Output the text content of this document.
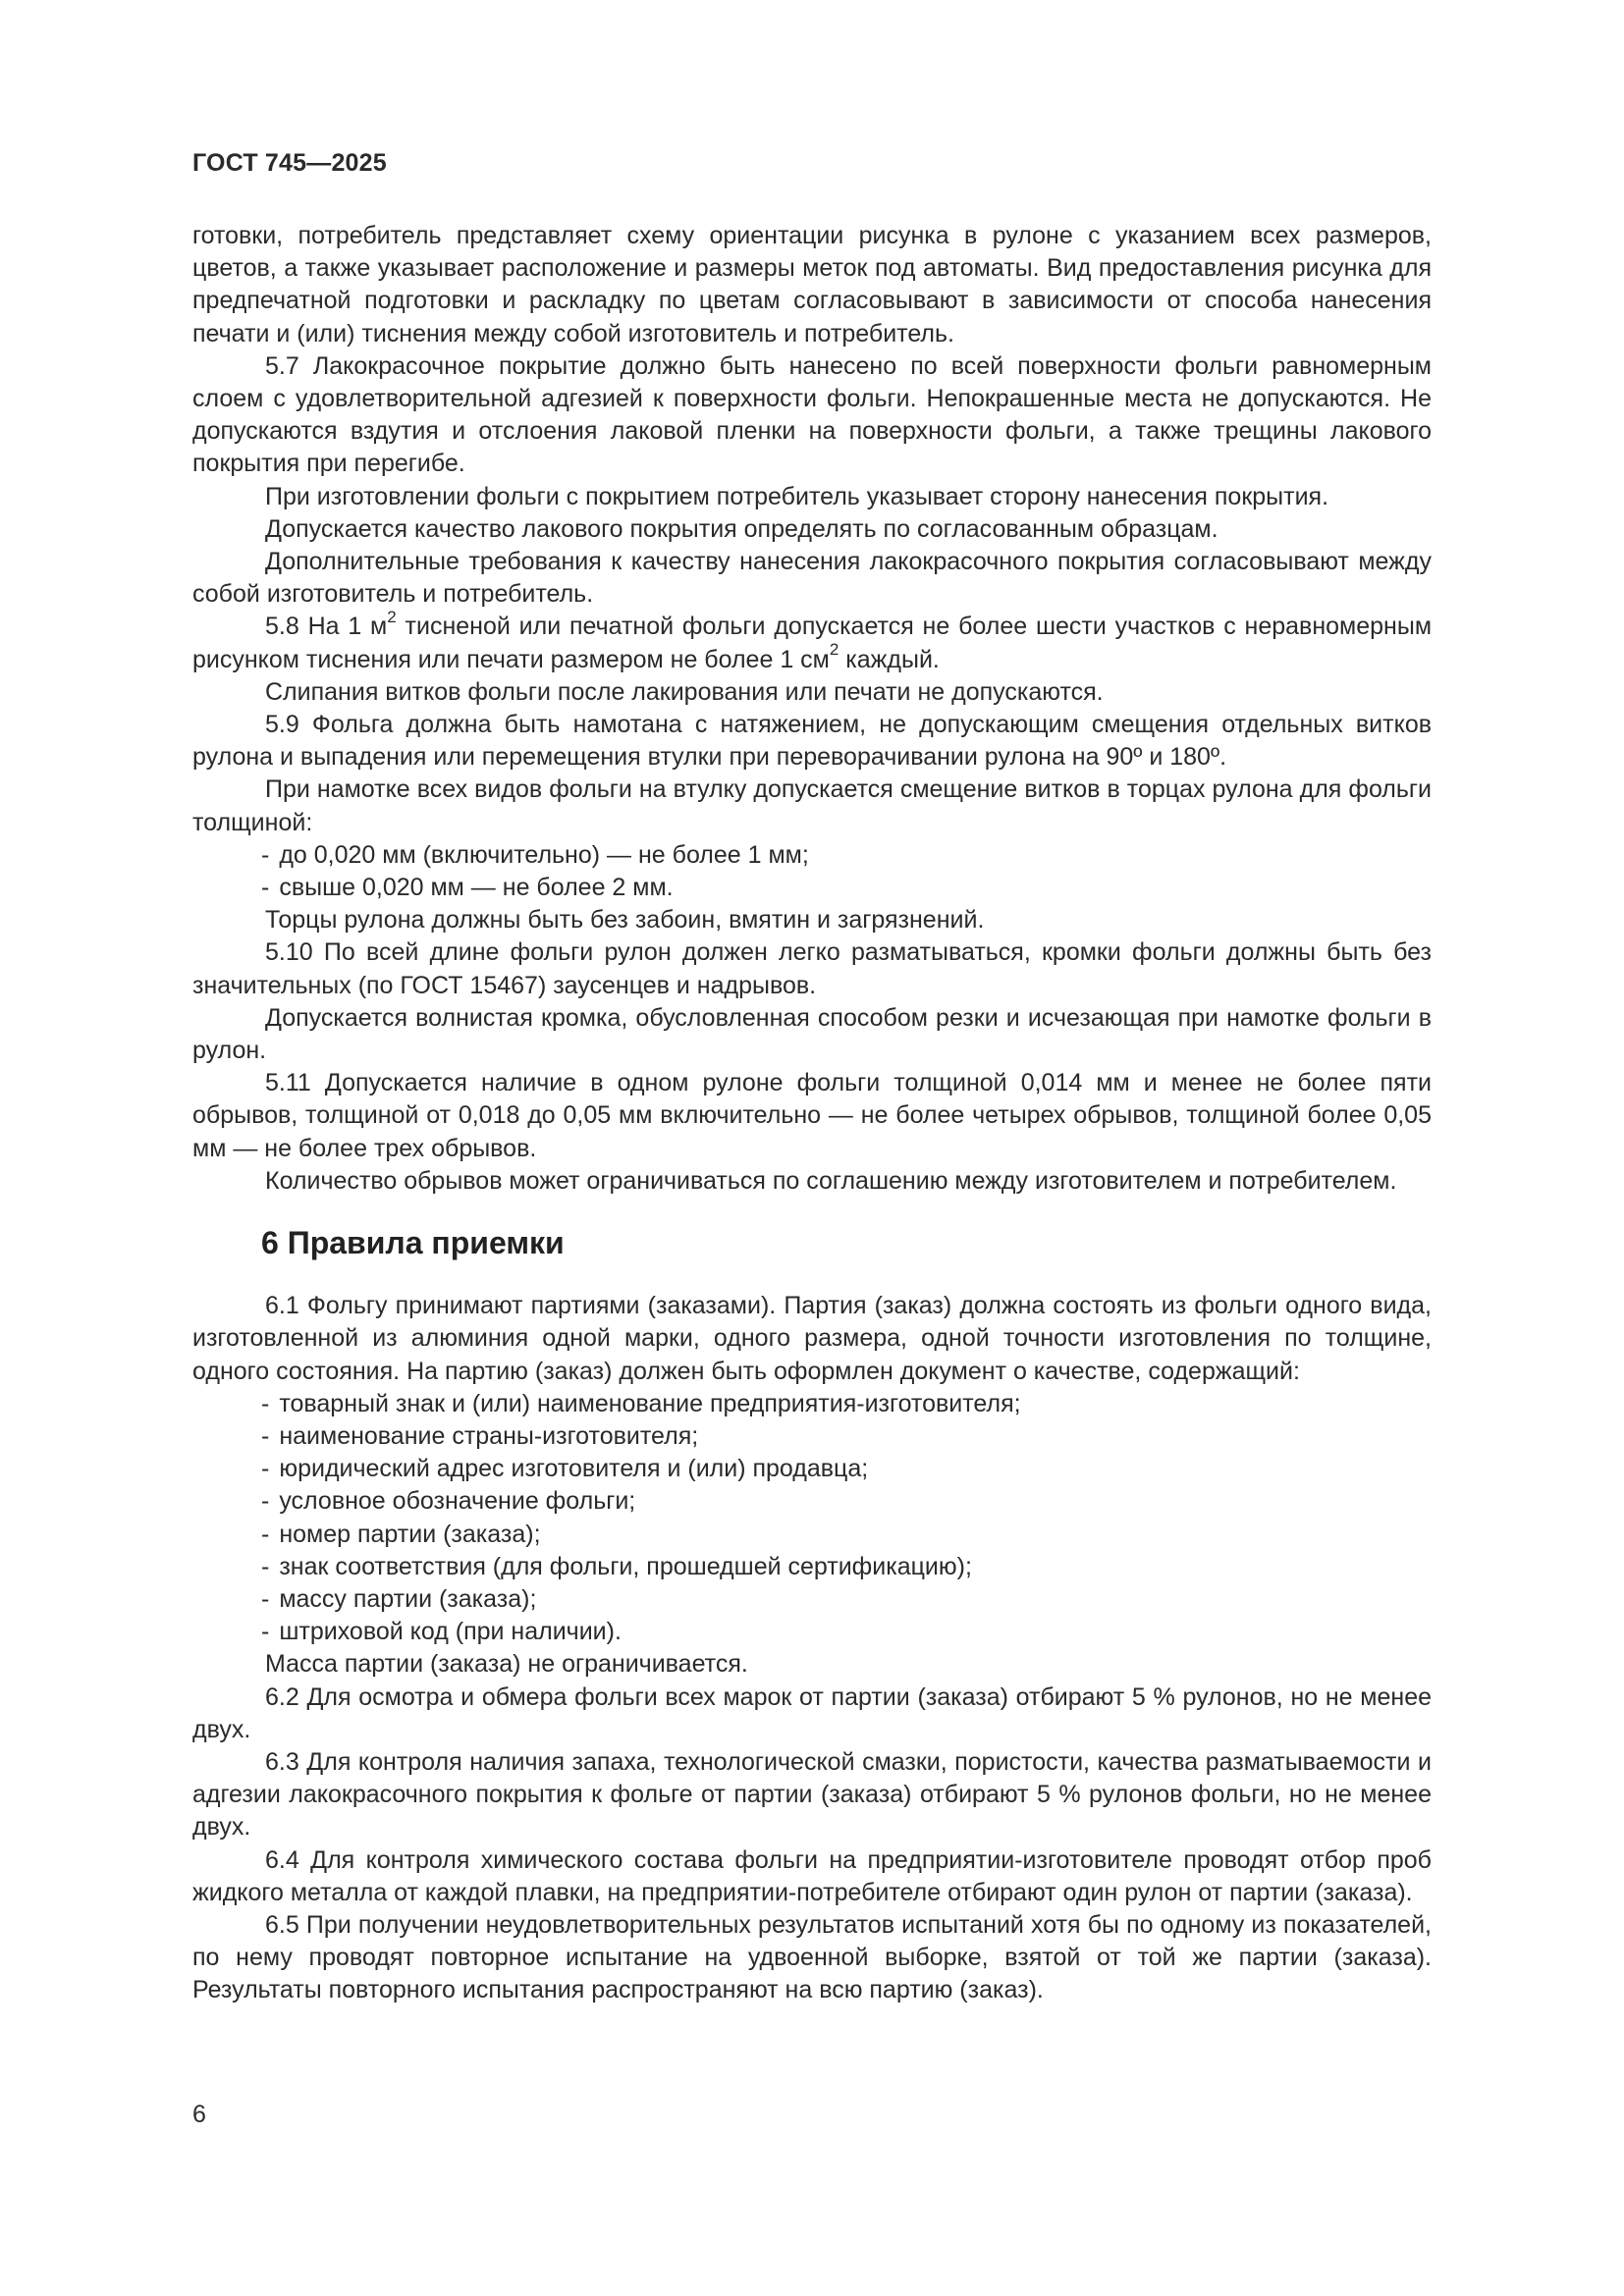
ГОСТ 745—2025

готовки, потребитель представляет схему ориентации рисунка в рулоне с указанием всех размеров, цветов, а также указывает расположение и размеры меток под автоматы. Вид предоставления рисунка для предпечатной подготовки и раскладку по цветам согласовывают в зависимости от способа нанесения печати и (или) тиснения между собой изготовитель и потребитель.

5.7 Лакокрасочное покрытие должно быть нанесено по всей поверхности фольги равномерным слоем с удовлетворительной адгезией к поверхности фольги. Непокрашенные места не допускаются. Не допускаются вздутия и отслоения лаковой пленки на поверхности фольги, а также трещины лакового покрытия при перегибе.

При изготовлении фольги с покрытием потребитель указывает сторону нанесения покрытия.

Допускается качество лакового покрытия определять по согласованным образцам.

Дополнительные требования к качеству нанесения лакокрасочного покрытия согласовывают между собой изготовитель и потребитель.

5.8 На 1 $м^2$ тисненой или печатной фольги допускается не более шести участков с неравномерным рисунком тиснения или печати размером не более 1 $см^2$ каждый.

Слипания витков фольги после лакирования или печати не допускаются.

5.9 Фольга должна быть намотана с натяжением, не допускающим смещения отдельных витков рулона и выпадения или перемещения втулки при переворачивании рулона на 90º и 180º.

При намотке всех видов фольги на втулку допускается смещение витков в торцах рулона для фольги толщиной:

- до 0,020 мм (включительно) — не более 1 мм;

- свыше 0,020 мм — не более 2 мм.

Торцы рулона должны быть без забоин, вмятин и загрязнений.

5.10 По всей длине фольги рулон должен легко разматываться, кромки фольги должны быть без значительных (по ГОСТ 15467) заусенцев и надрывов.

Допускается волнистая кромка, обусловленная способом резки и исчезающая при намотке фольги в рулон.

5.11 Допускается наличие в одном рулоне фольги толщиной 0,014 мм и менее не более пяти обрывов, толщиной от 0,018 до 0,05 мм включительно — не более четырех обрывов, толщиной более 0,05 мм — не более трех обрывов.

Количество обрывов может ограничиваться по соглашению между изготовителем и потребителем.

6 Правила приемки

6.1 Фольгу принимают партиями (заказами). Партия (заказ) должна состоять из фольги одного вида, изготовленной из алюминия одной марки, одного размера, одной точности изготовления по толщине, одного состояния. На партию (заказ) должен быть оформлен документ о качестве, содержащий:

- товарный знак и (или) наименование предприятия-изготовителя;

- наименование страны-изготовителя;

- юридический адрес изготовителя и (или) продавца;

- условное обозначение фольги;

- номер партии (заказа);

- знак соответствия (для фольги, прошедшей сертификацию);

- массу партии (заказа);

- штриховой код (при наличии).

Масса партии (заказа) не ограничивается.

6.2 Для осмотра и обмера фольги всех марок от партии (заказа) отбирают 5 % рулонов, но не менее двух.

6.3 Для контроля наличия запаха, технологической смазки, пористости, качества разматываемости и адгезии лакокрасочного покрытия к фольге от партии (заказа) отбирают 5 % рулонов фольги, но не менее двух.

6.4 Для контроля химического состава фольги на предприятии-изготовителе проводят отбор проб жидкого металла от каждой плавки, на предприятии-потребителе отбирают один рулон от партии (заказа).

6.5 При получении неудовлетворительных результатов испытаний хотя бы по одному из показателей, по нему проводят повторное испытание на удвоенной выборке, взятой от той же партии (заказа). Результаты повторного испытания распространяют на всю партию (заказ).

6
